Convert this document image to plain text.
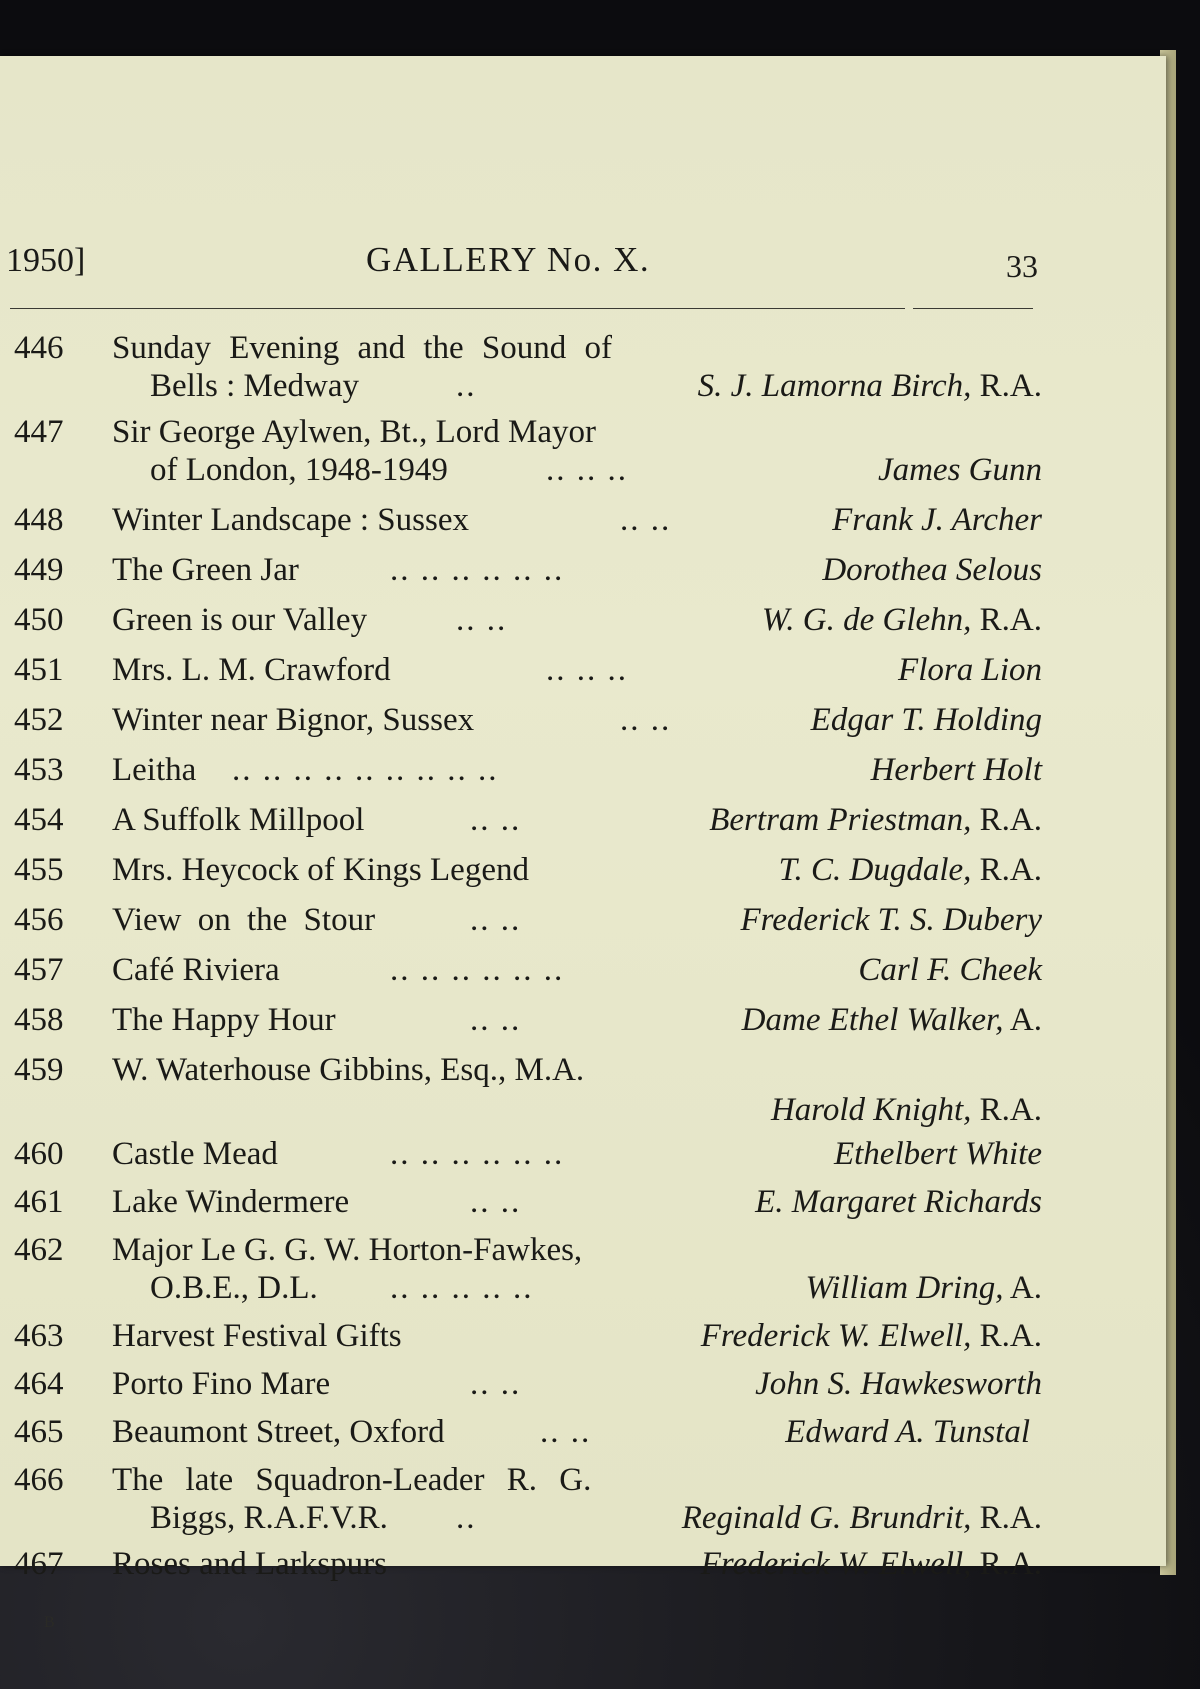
1950]	GALLERY No. X.	33
446	Sunday Evening and the Sound of
Bells : Medway	..	S. J. Lamorna Birch, R.A.
447	Sir George Aylwen, Bt., Lord Mayor
of London, 1948-1949	.. .. ..	James Gunn
448	Winter Landscape : Sussex	.. ..	Frank J. Archer
449	The Green Jar	.. .. .. .. .. ..	Dorothea Selous
450	Green is our Valley	.. ..	W. G. de Glehn, R.A.
451	Mrs. L. M. Crawford	.. .. ..	Flora Lion
452	Winter near Bignor, Sussex	.. ..	Edgar T. Holding
453	Leitha .. .. .. .. .. .. .. .. ..	Herbert Holt
454	A Suffolk Millpool	.. ..	Bertram Priestman, R.A.
455	Mrs. Heycock of Kings Legend	T. C. Dugdale, R.A.
456	View on the Stour	.. ..	Frederick T. S. Dubery
457	Café Riviera	.. .. .. .. .. ..	Carl F. Cheek
458	The Happy Hour	.. ..	Dame Ethel Walker, A.
459	W. Waterhouse Gibbins, Esq., M.A.
Harold Knight, R.A.
460	Castle Mead	.. .. .. .. .. ..	Ethelbert White
461	Lake Windermere	.. ..	E. Margaret Richards
462	Major Le G. G. W. Horton-Fawkes,
O.B.E., D.L. .. .. .. .. ..	William Dring, A.
463	Harvest Festival Gifts	Frederick W. Elwell, R.A.
464	Porto Fino Mare	.. ..	John S. Hawkesworth
465	Beaumont Street, Oxford	.. ..	Edward A. Tunstal
466	The late Squadron-Leader R. G.
Biggs, R.A.F.V.R. ..	Reginald G. Brundrit, R.A.
467	Roses and Larkspurs	Frederick W. Elwell, R.A.
B
